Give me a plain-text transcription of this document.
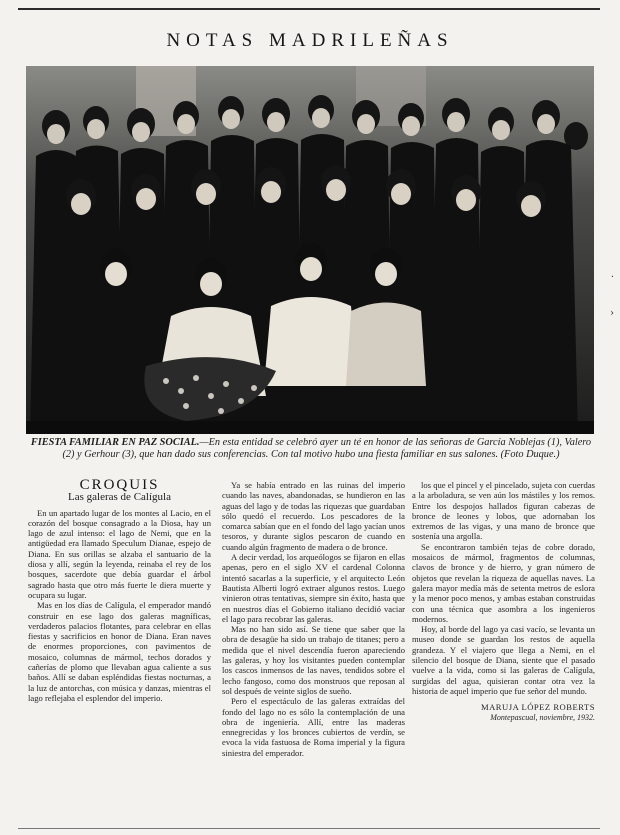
NOTAS MADRILEÑAS
FIESTA FAMILIAR EN PAZ SOCIAL.—En esta entidad se celebró ayer un té en honor de las señoras de García Noblejas (1), Valero (2) y Gerhour (3), que han dado sus conferencias. Con tal motivo hubo una fiesta familiar en sus salones. (Foto Duque.)
CROQUIS
Las galeras de Calígula

En un apartado lugar de los montes al Lacio, en el corazón del bosque consagrado a la Diosa, hay un lago de azul intenso: el lago de Nemi, que en la antigüedad era llamado Speculum Dianae, espejo de Diana. En sus orillas se alzaba el santuario de la diosa y allí, según la leyenda, reinaba el rey de los bosques, sacerdote que debía guardar el árbol sagrado hasta que otro más fuerte le diera muerte y ocupara su lugar.

Mas en los días de Calígula, el emperador mandó construir en ese lago dos galeras magníficas, verdaderos palacios flotantes, para celebrar en ellas fiestas y sacrificios en honor de Diana. Eran naves de enormes proporciones, con pavimentos de mosaico, columnas de mármol, techos dorados y cañerías de plomo que llevaban agua caliente a sus baños. Allí se daban espléndidas fiestas nocturnas, a la luz de antorchas, con música y danzas, mientras el lago reflejaba el esplendor del imperio.

Ya se había entrado en las ruinas del imperio cuando las naves, abandonadas, se hundieron en las aguas del lago y de todas las riquezas que guardaban sólo quedó el recuerdo. Los pescadores de la comarca sabían que en el fondo del lago yacían unos tesoros, y durante siglos pescaron de cuando en cuando algún fragmento de madera o de bronce.

A decir verdad, los arqueólogos se fijaron en ellas apenas, pero en el siglo XV el cardenal Colonna intentó sacarlas a la superficie, y el arquitecto León Bautista Alberti logró extraer algunos restos. Luego vinieron otras tentativas, siempre sin éxito, hasta que en nuestros días el Gobierno italiano decidió vaciar el lago para recobrar las galeras.

Mas no han sido así. Se tiene que saber que la obra de desagüe ha sido un trabajo de titanes; pero a medida que el nivel descendía fueron apareciendo las galeras, y hoy los visitantes pueden contemplar los cascos inmensos de las naves, tendidos sobre el lecho fangoso, como dos monstruos que reposan al sol después de veinte siglos de sueño.

Pero el espectáculo de las galeras extraídas del fondo del lago no es sólo la contemplación de una obra de ingeniería. Allí, entre las maderas ennegrecidas y los bronces cubiertos de verdín, se evoca la vida fastuosa de Roma imperial y la figura siniestra del emperador.

los que el pincel y el pincelado, sujeta con cuerdas a la arboladura, se ven aún los mástiles y los remos. Entre los despojos hallados figuran cabezas de bronce de leones y lobos, que adornaban los extremos de las vigas, y una mano de bronce que sostenía una argolla.

Se encontraron también tejas de cobre dorado, mosaicos de mármol, fragmentos de columnas, clavos de bronce y de hierro, y gran número de objetos que revelan la riqueza de aquellas naves. La galera mayor medía más de setenta metros de eslora y la menor poco menos, y ambas estaban construidas con una técnica que asombra a los ingenieros modernos.

Hoy, al borde del lago ya casi vacío, se levanta un museo donde se guardan los restos de aquella grandeza. Y el viajero que llega a Nemi, en el silencio del bosque de Diana, siente que el pasado vuelve a la vida, como si las galeras de Calígula, surgidas del agua, quisieran contar otra vez la historia de aquel imperio que fue señor del mundo.

MARUJA LÓPEZ ROBERTS
Montepascual, noviembre, 1932.
·
›
